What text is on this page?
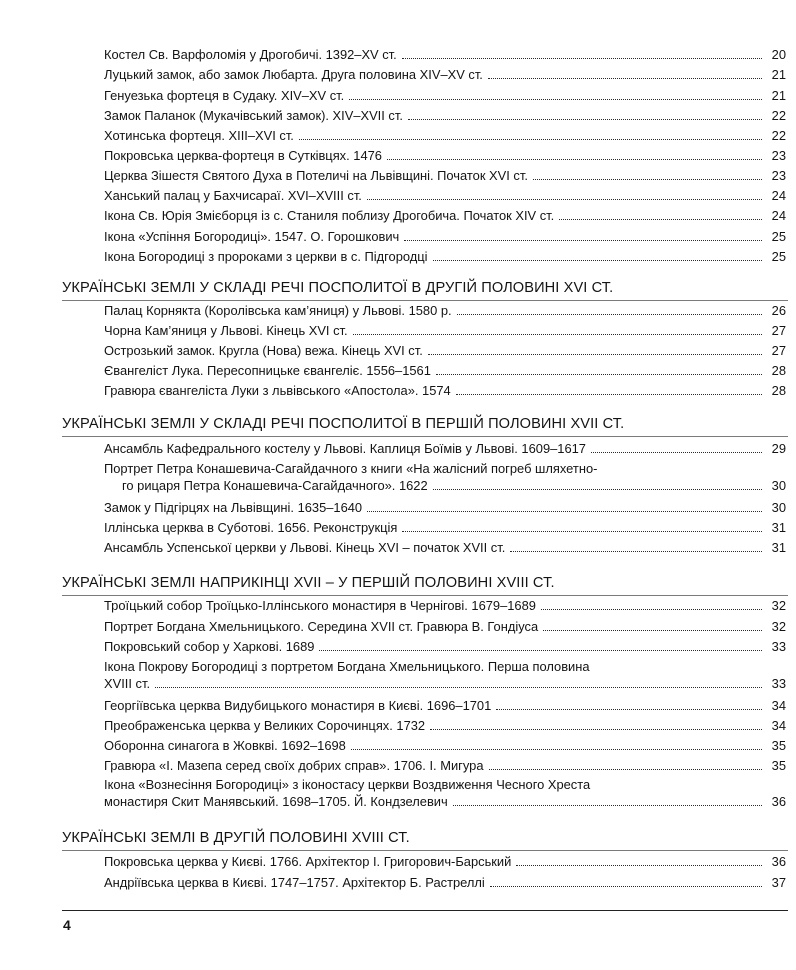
Костел Св. Варфоломія у Дрогобичі. 1392–XV ст.	20
Луцький замок, або замок Любарта. Друга половина XIV–XV ст.	21
Генуезька фортеця в Судаку. XIV–XV ст.	21
Замок Паланок (Мукачівський замок). XIV–XVII ст.	22
Хотинська фортеця. XIII–XVI ст.	22
Покровська церква-фортеця в Сутківцях. 1476	23
Церква Зішестя Святого Духа в Потеличі на Львівщині. Початок XVI ст.	23
Ханський палац у Бахчисараї. XVI–XVIII ст.	24
Ікона Св. Юрія Змієборця із с. Станиля поблизу Дрогобича. Початок XIV ст.	24
Ікона «Успіння Богородиці». 1547. О. Горошкович	25
Ікона Богородиці з пророками з церкви в с. Підгородці	25
УКРАЇНСЬКІ ЗЕМЛІ У СКЛАДІ РЕЧІ ПОСПОЛИТОЇ В ДРУГІЙ ПОЛОВИНІ XVI СТ.
Палац Корнякта (Королівська кам’яниця) у Львові. 1580 р.	26
Чорна Кам’яниця у Львові. Кінець XVI ст.	27
Острозький замок. Кругла (Нова) вежа. Кінець XVI ст.	27
Євангеліст Лука. Пересопницьке євангеліє. 1556–1561	28
Гравюра євангеліста Луки з львівського «Апостола». 1574	28
УКРАЇНСЬКІ ЗЕМЛІ У СКЛАДІ РЕЧІ ПОСПОЛИТОЇ В ПЕРШІЙ ПОЛОВИНІ XVII СТ.
Ансамбль Кафедрального костелу у Львові. Каплиця Боїмів у Львові. 1609–1617	29
Портрет Петра Конашевича-Сагайдачного з книги «На жалісний погреб шляхетно-
го рицаря Петра Конашевича-Сагайдачного». 1622	30
Замок у Підгірцях на Львівщині. 1635–1640	30
Іллінська церква в Суботові. 1656. Реконструкція	31
Ансамбль Успенської церкви у Львові. Кінець XVI – початок XVII ст.	31
УКРАЇНСЬКІ ЗЕМЛІ НАПРИКІНЦІ XVII – У ПЕРШІЙ ПОЛОВИНІ XVIII СТ.
Троїцький собор Троїцько-Іллінського монастиря в Чернігові. 1679–1689	32
Портрет Богдана Хмельницького. Середина XVII ст. Гравюра В. Гондіуса	32
Покровський собор у Харкові. 1689	33
Ікона Покрову Богородиці з портретом Богдана Хмельницького. Перша половина
XVIII ст.	33
Георгіївська церква Видубицького монастиря в Києві. 1696–1701	34
Преображенська церква у Великих Сорочинцях. 1732	34
Оборонна синагога в Жовкві. 1692–1698	35
Гравюра «І. Мазепа серед своїх добрих справ». 1706. І. Мигура	35
Ікона «Вознесіння Богородиці» з іконостасу церкви Воздвиження Чесного Хреста
монастиря Скит Манявський. 1698–1705. Й. Кондзелевич	36
УКРАЇНСЬКІ ЗЕМЛІ В ДРУГІЙ ПОЛОВИНІ XVIII СТ.
Покровська церква у Києві. 1766. Архітектор І. Григорович-Барський	36
Андріївська церква в Києві. 1747–1757. Архітектор Б. Растреллі	37
4
